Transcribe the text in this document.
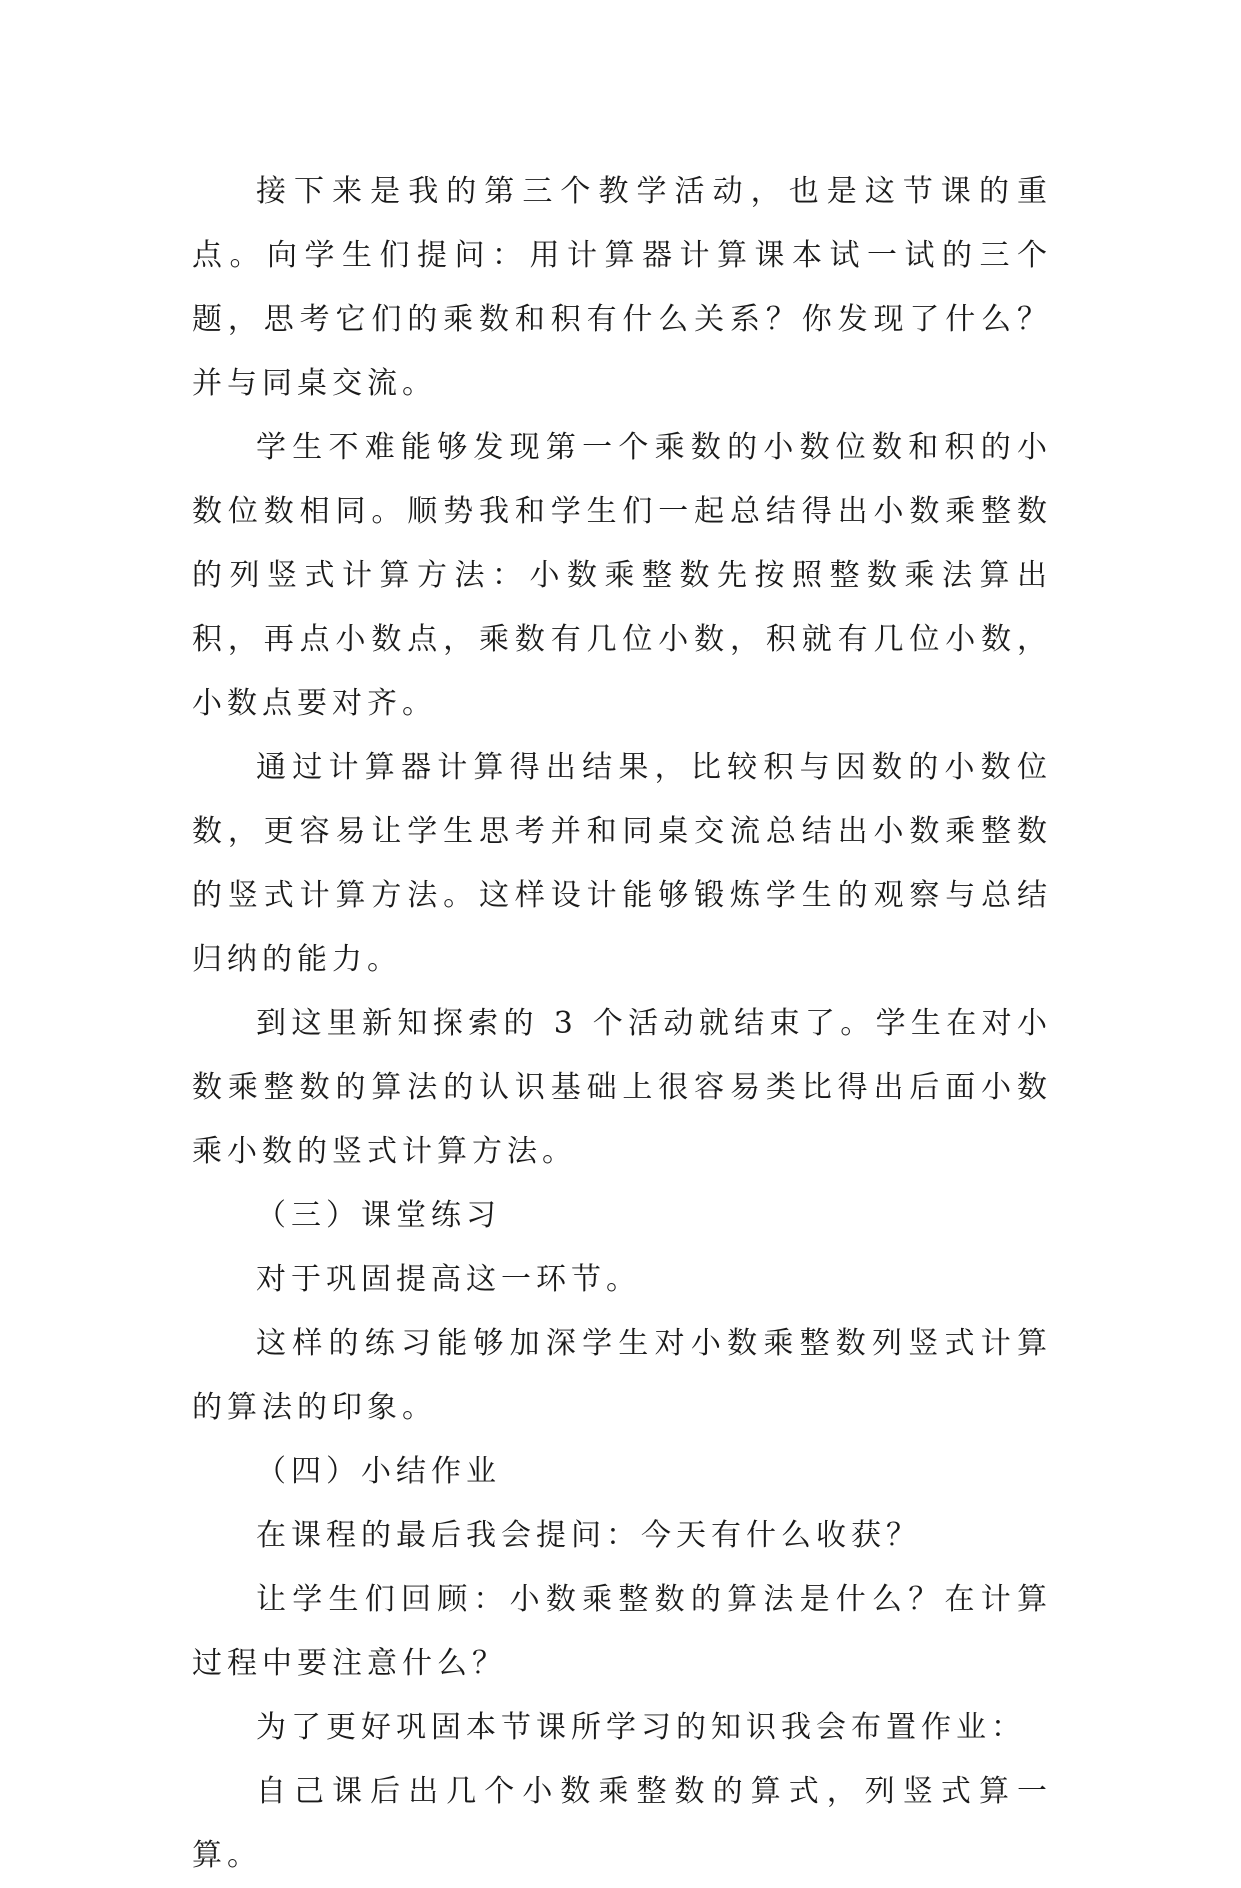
接下来是我的第三个教学活动，也是这节课的重点。向学生们提问：用计算器计算课本试一试的三个题，思考它们的乘数和积有什么关系？你发现了什么？并与同桌交流。

学生不难能够发现第一个乘数的小数位数和积的小数位数相同。顺势我和学生们一起总结得出小数乘整数的列竖式计算方法：小数乘整数先按照整数乘法算出积，再点小数点，乘数有几位小数，积就有几位小数，小数点要对齐。

通过计算器计算得出结果，比较积与因数的小数位数，更容易让学生思考并和同桌交流总结出小数乘整数的竖式计算方法。这样设计能够锻炼学生的观察与总结归纳的能力。

到这里新知探索的 3 个活动就结束了。学生在对小数乘整数的算法的认识基础上很容易类比得出后面小数乘小数的竖式计算方法。

（三）课堂练习

对于巩固提高这一环节。

这样的练习能够加深学生对小数乘整数列竖式计算的算法的印象。

（四）小结作业

在课程的最后我会提问：今天有什么收获？

让学生们回顾：小数乘整数的算法是什么？在计算过程中要注意什么？

为了更好巩固本节课所学习的知识我会布置作业：

自己课后出几个小数乘整数的算式，列竖式算一算。
